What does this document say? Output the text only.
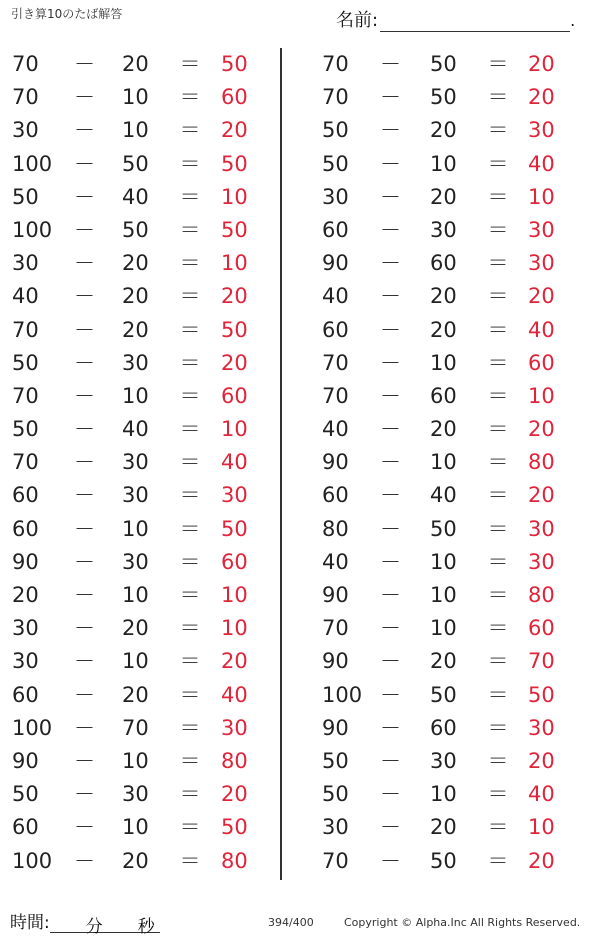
引き算10のたば解答	名前:	.
70 － 20 ＝ 50
70 － 10 ＝ 60
30 － 10 ＝ 20
100 － 50 ＝ 50
50 － 40 ＝ 10
100 － 50 ＝ 50
30 － 20 ＝ 10
40 － 20 ＝ 20
70 － 20 ＝ 50
50 － 30 ＝ 20
70 － 10 ＝ 60
50 － 40 ＝ 10
70 － 30 ＝ 40
60 － 30 ＝ 30
60 － 10 ＝ 50
90 － 30 ＝ 60
20 － 10 ＝ 10
30 － 20 ＝ 10
30 － 10 ＝ 20
60 － 20 ＝ 40
100 － 70 ＝ 30
90 － 10 ＝ 80
50 － 30 ＝ 20
60 － 10 ＝ 50
100 － 20 ＝ 80
70 － 50 ＝ 20
70 － 50 ＝ 20
50 － 20 ＝ 30
50 － 10 ＝ 40
30 － 20 ＝ 10
60 － 30 ＝ 30
90 － 60 ＝ 30
40 － 20 ＝ 20
60 － 20 ＝ 40
70 － 10 ＝ 60
70 － 60 ＝ 10
40 － 20 ＝ 20
90 － 10 ＝ 80
60 － 40 ＝ 20
80 － 50 ＝ 30
40 － 10 ＝ 30
90 － 10 ＝ 80
70 － 10 ＝ 60
90 － 20 ＝ 70
100 － 50 ＝ 50
90 － 60 ＝ 30
50 － 30 ＝ 20
50 － 10 ＝ 40
30 － 20 ＝ 10
70 － 50 ＝ 20
時間: 分 秒	394/400	Copyright © Alpha.Inc All Rights Reserved.
